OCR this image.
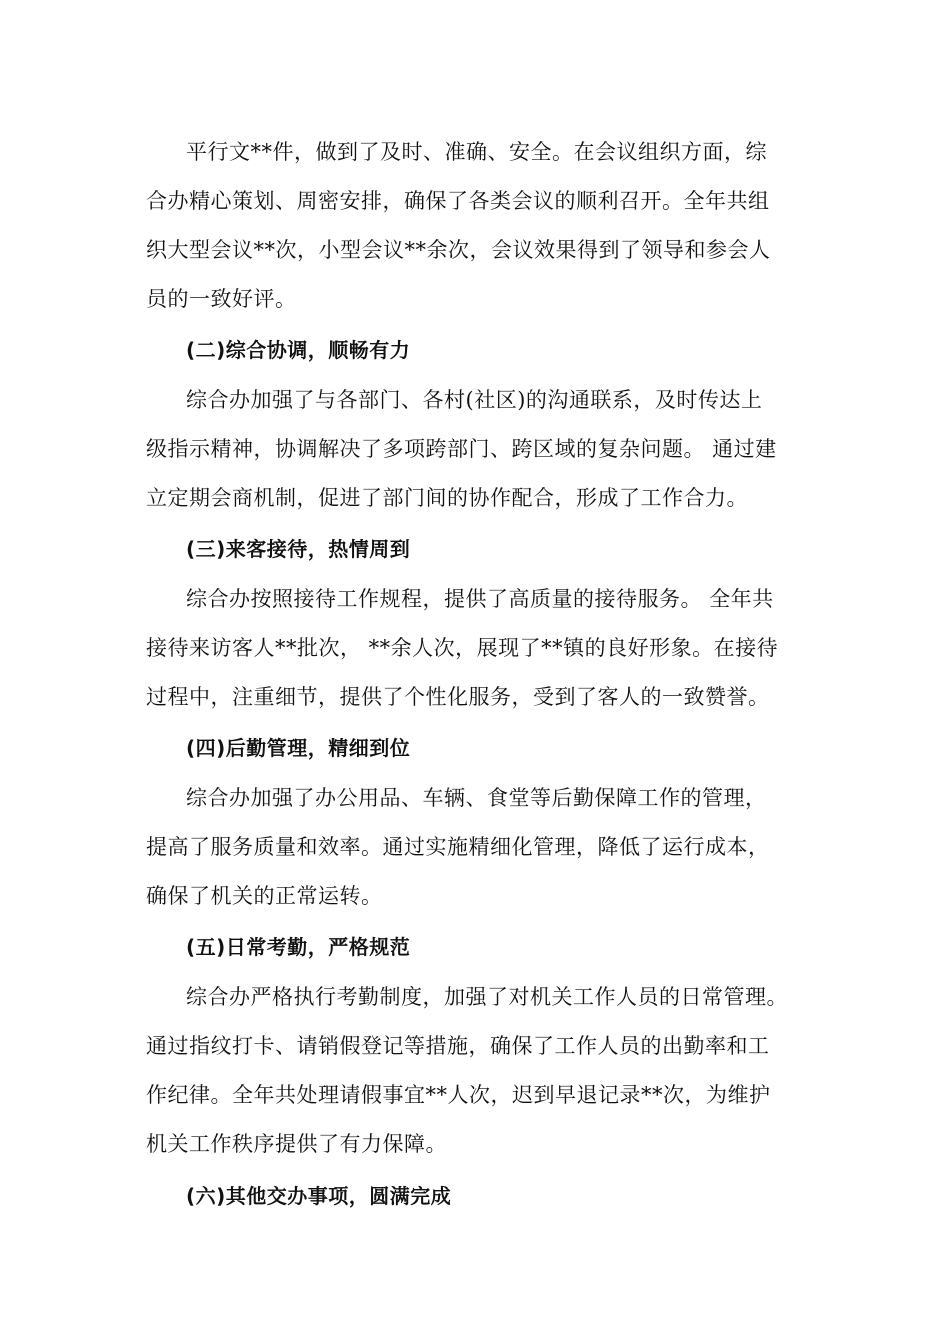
平行文**件，做到了及时、准确、安全。在会议组织方面，综
合办精心策划、周密安排，确保了各类会议的顺利召开。全年共组
织大型会议**次，小型会议**余次，会议效果得到了领导和参会人
员的一致好评。
(二)综合协调，顺畅有力
综合办加强了与各部门、各村(社区)的沟通联系，及时传达上
级指示精神，协调解决了多项跨部门、跨区域的复杂问题。 通过建
立定期会商机制，促进了部门间的协作配合，形成了工作合力。
(三)来客接待，热情周到
综合办按照接待工作规程，提供了高质量的接待服务。 全年共
接待来访客人**批次， **余人次，展现了**镇的良好形象。在接待
过程中，注重细节，提供了个性化服务，受到了客人的一致赞誉。
(四)后勤管理，精细到位
综合办加强了办公用品、车辆、食堂等后勤保障工作的管理，
提高了服务质量和效率。通过实施精细化管理，降低了运行成本，
确保了机关的正常运转。
(五)日常考勤，严格规范
综合办严格执行考勤制度，加强了对机关工作人员的日常管理。
通过指纹打卡、请销假登记等措施，确保了工作人员的出勤率和工
作纪律。全年共处理请假事宜**人次，迟到早退记录**次，为维护
机关工作秩序提供了有力保障。
(六)其他交办事项，圆满完成
